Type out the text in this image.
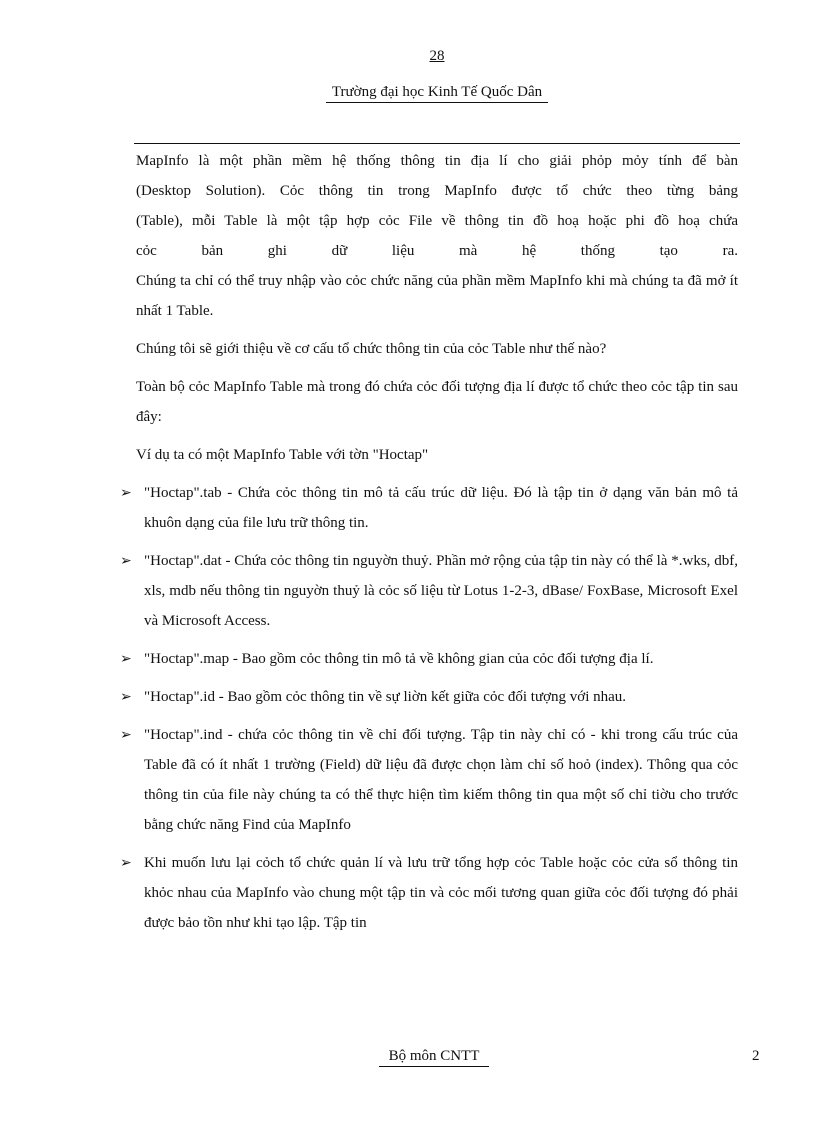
28
Trường đại học Kinh Tế Quốc Dân

MapInfo là một phần mềm hệ thống thông tin địa lí cho giải phỏp mỏy tính để bàn

(Desktop Solution). Cỏc thông tin trong MapInfo được tổ chức theo từng bảng

(Table), mỗi Table là một tập hợp cỏc File về thông tin đồ hoạ hoặc phi đồ hoạ chứa

cỏc bản ghi dữ liệu mà hệ thống tạo ra.

Chúng ta chỉ có thể truy nhập vào cỏc chức năng của phần mềm MapInfo khi mà chúng ta đã mở ít nhất 1 Table.

Chúng tôi sẽ giới thiệu về cơ cấu tổ chức thông tin của cỏc Table như thế nào?

Toàn bộ cỏc MapInfo Table mà trong đó chứa cỏc đối tượng địa lí được tổ chức theo cỏc tập tin sau đây:

Ví dụ ta có một MapInfo Table với tờn "Hoctap"

➢ "Hoctap".tab - Chứa cỏc thông tin mô tả cấu trúc dữ liệu. Đó là tập tin ở dạng văn bản mô tả khuôn dạng của file lưu trữ thông tin.
➢ "Hoctap".dat - Chứa cỏc thông tin nguyờn thuỷ. Phần mở rộng của tập tin này có thể là *.wks, dbf, xls, mdb nếu thông tin nguyờn thuỷ là cỏc số liệu từ Lotus 1-2-3, dBase/ FoxBase, Microsoft Exel và Microsoft Access.
➢ "Hoctap".map - Bao gồm cỏc thông tin mô tả về không gian của cỏc đối tượng địa lí.
➢ "Hoctap".id - Bao gồm cỏc thông tin về sự liờn kết giữa cỏc đối tượng với nhau.
➢ "Hoctap".ind - chứa cỏc thông tin về chỉ đối tượng. Tập tin này chỉ có - khi trong cấu trúc của Table đã có ít nhất 1 trường (Field) dữ liệu đã được chọn làm chỉ số hoỏ (index). Thông qua cỏc thông tin của file này chúng ta có thể thực hiện tìm kiếm thông tin qua một số chỉ tiờu cho trước bằng chức năng Find của MapInfo
➢ Khi muốn lưu lại cỏch tổ chức quản lí và lưu trữ tổng hợp cỏc Table hoặc cỏc cửa sổ thông tin khỏc nhau của MapInfo vào chung một tập tin và cỏc mối tương quan giữa cỏc đối tượng đó phải được bảo tồn như khi tạo lập. Tập tin
Bộ môn CNTT	2
